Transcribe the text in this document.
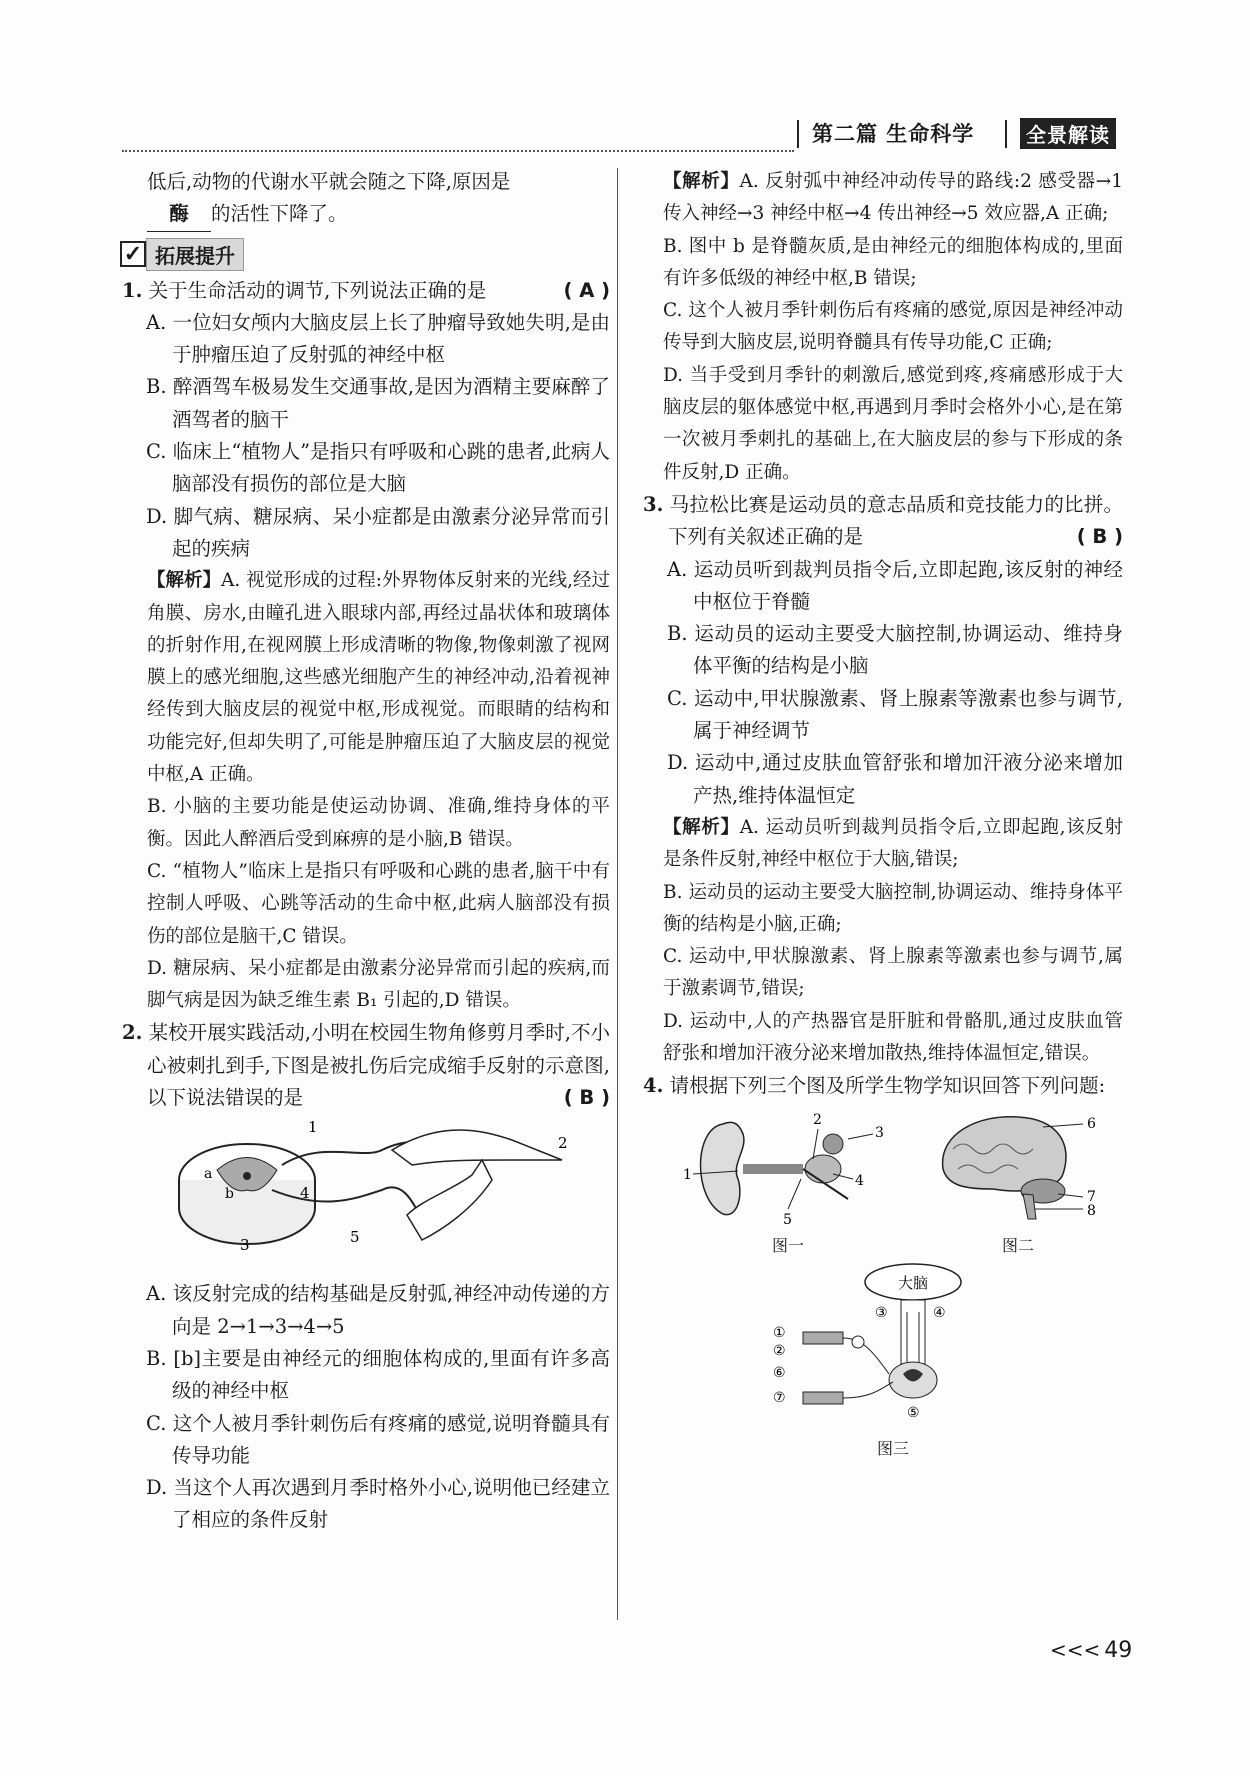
第二篇 生命科学	全景解读
低后,动物的代谢水平就会随之下降,原因是
酶 的活性下降了。
✓ 拓展提升
1. 关于生命活动的调节,下列说法正确的是	( A )
A. 一位妇女颅内大脑皮层上长了肿瘤导致她失明,是由于肿瘤压迫了反射弧的神经中枢
B. 醉酒驾车极易发生交通事故,是因为酒精主要麻醉了酒驾者的脑干
C. 临床上“植物人”是指只有呼吸和心跳的患者,此病人脑部没有损伤的部位是大脑
D. 脚气病、糖尿病、呆小症都是由激素分泌异常而引起的疾病
【解析】A. 视觉形成的过程:外界物体反射来的光线,经过角膜、房水,由瞳孔进入眼球内部,再经过晶状体和玻璃体的折射作用,在视网膜上形成清晰的物像,物像刺激了视网膜上的感光细胞,这些感光细胞产生的神经冲动,沿着视神经传到大脑皮层的视觉中枢,形成视觉。而眼睛的结构和功能完好,但却失明了,可能是肿瘤压迫了大脑皮层的视觉中枢,A 正确。
B. 小脑的主要功能是使运动协调、准确,维持身体的平衡。因此人醉酒后受到麻痹的是小脑,B 错误。
C. “植物人”临床上是指只有呼吸和心跳的患者,脑干中有控制人呼吸、心跳等活动的生命中枢,此病人脑部没有损伤的部位是脑干,C 错误。
D. 糖尿病、呆小症都是由激素分泌异常而引起的疾病,而脚气病是因为缺乏维生素 B₁ 引起的,D 错误。
2. 某校开展实践活动,小明在校园生物角修剪月季时,不小心被刺扎到手,下图是被扎伤后完成缩手反射的示意图,以下说法错误的是	( B )
a
b
1
2
3
4
5
A. 该反射完成的结构基础是反射弧,神经冲动传递的方向是 2→1→3→4→5
B. [b]主要是由神经元的细胞体构成的,里面有许多高级的神经中枢
C. 这个人被月季针刺伤后有疼痛的感觉,说明脊髓具有传导功能
D. 当这个人再次遇到月季时格外小心,说明他已经建立了相应的条件反射
【解析】A. 反射弧中神经冲动传导的路线:2 感受器→1 传入神经→3 神经中枢→4 传出神经→5 效应器,A 正确;
B. 图中 b 是脊髓灰质,是由神经元的细胞体构成的,里面有许多低级的神经中枢,B 错误;
C. 这个人被月季针刺伤后有疼痛的感觉,原因是神经冲动传导到大脑皮层,说明脊髓具有传导功能,C 正确;
D. 当手受到月季针的刺激后,感觉到疼,疼痛感形成于大脑皮层的躯体感觉中枢,再遇到月季时会格外小心,是在第一次被月季刺扎的基础上,在大脑皮层的参与下形成的条件反射,D 正确。
3. 马拉松比赛是运动员的意志品质和竞技能力的比拼。下列有关叙述正确的是	( B )
A. 运动员听到裁判员指令后,立即起跑,该反射的神经中枢位于脊髓
B. 运动员的运动主要受大脑控制,协调运动、维持身体平衡的结构是小脑
C. 运动中,甲状腺激素、肾上腺素等激素也参与调节,属于神经调节
D. 运动中,通过皮肤血管舒张和增加汗液分泌来增加产热,维持体温恒定
【解析】A. 运动员听到裁判员指令后,立即起跑,该反射是条件反射,神经中枢位于大脑,错误;
B. 运动员的运动主要受大脑控制,协调运动、维持身体平衡的结构是小脑,正确;
C. 运动中,甲状腺激素、肾上腺素等激素也参与调节,属于激素调节,错误;
D. 运动中,人的产热器官是肝脏和骨骼肌,通过皮肤血管舒张和增加汗液分泌来增加散热,维持体温恒定,错误。
4. 请根据下列三个图及所学生物学知识回答下列问题:
1
2
3
4
5
图一
6
7
8
图二
大脑
①
②
③	④
⑤
⑥
⑦
图三
<<< 49
